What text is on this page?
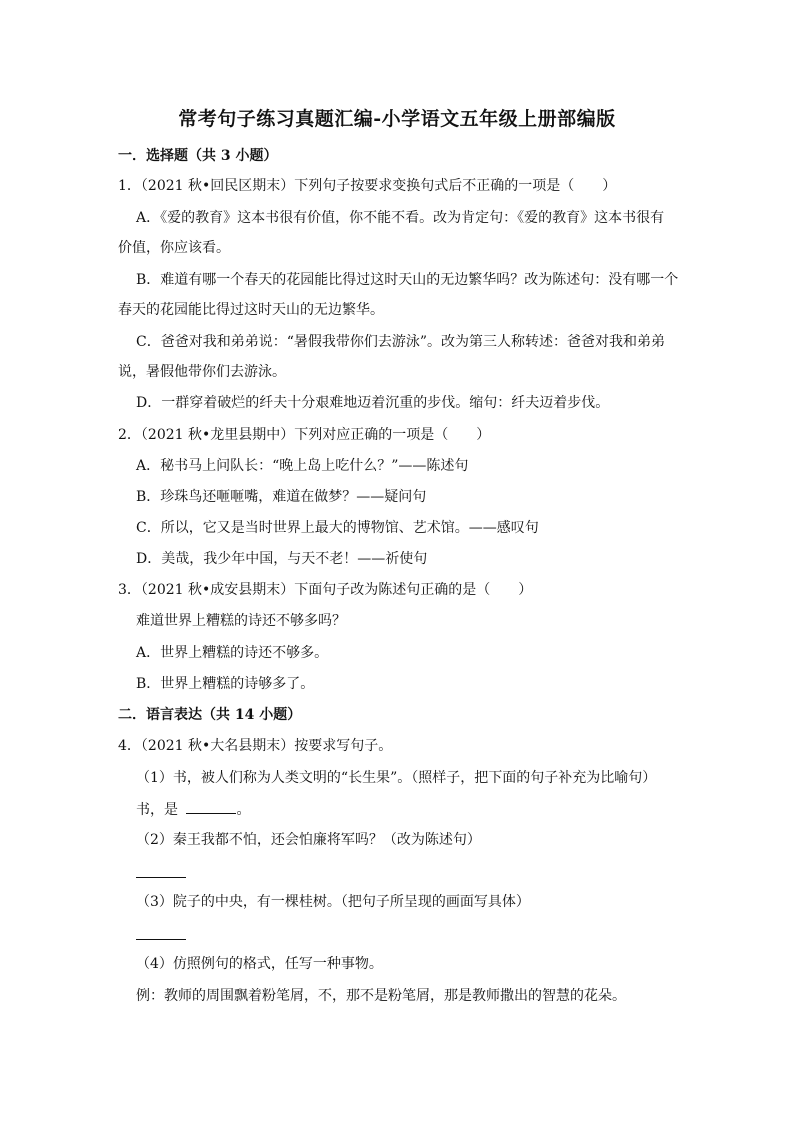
常考句子练习真题汇编-小学语文五年级上册部编版
一．选择题（共 3 小题）
1．（2021 秋•回民区期末）下列句子按要求变换句式后不正确的一项是（　　）
A．《爱的教育》这本书很有价值，你不能不看。改为肯定句：《爱的教育》这本书很有
价值，你应该看。
B．难道有哪一个春天的花园能比得过这时天山的无边繁华吗？改为陈述句：没有哪一个
春天的花园能比得过这时天山的无边繁华。
C．爸爸对我和弟弟说：“暑假我带你们去游泳”。改为第三人称转述：爸爸对我和弟弟
说，暑假他带你们去游泳。
D．一群穿着破烂的纤夫十分艰难地迈着沉重的步伐。缩句：纤夫迈着步伐。
2．（2021 秋•龙里县期中）下列对应正确的一项是（　　）
A．秘书马上问队长：“晚上岛上吃什么？”——陈述句
B．珍珠鸟还咂咂嘴，难道在做梦？——疑问句
C．所以，它又是当时世界上最大的博物馆、艺术馆。——感叹句
D．美哉，我少年中国，与天不老！——祈使句
3．（2021 秋•成安县期末）下面句子改为陈述句正确的是（　　）
难道世界上糟糕的诗还不够多吗？
A．世界上糟糕的诗还不够多。
B．世界上糟糕的诗够多了。
二．语言表达（共 14 小题）
4．（2021 秋•大名县期末）按要求写句子。
（1）书，被人们称为人类文明的“长生果”。（照样子，把下面的句子补充为比喻句）
书，是	。
（2）秦王我都不怕，还会怕廉将军吗？（改为陈述句）
（3）院子的中央，有一棵桂树。（把句子所呈现的画面写具体）
（4）仿照例句的格式，任写一种事物。
例：教师的周围飘着粉笔屑，不，那不是粉笔屑，那是教师撒出的智慧的花朵。
